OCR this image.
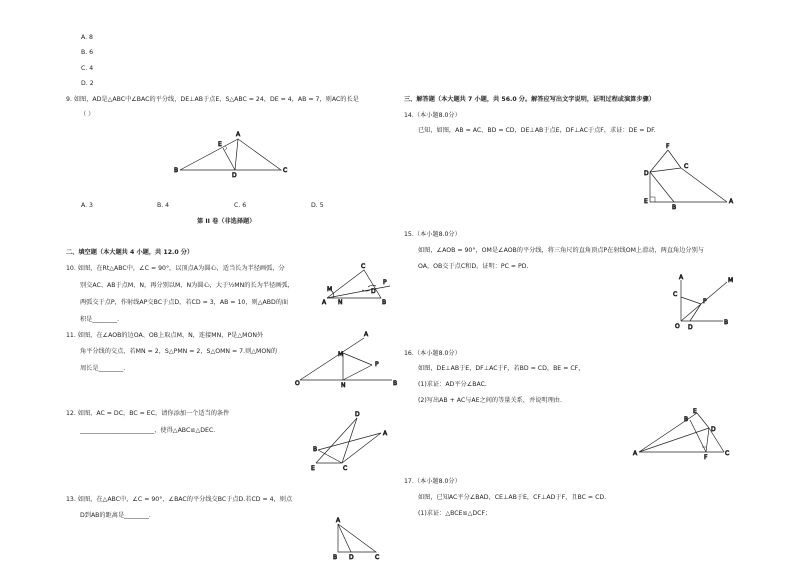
A. 8
B. 6
C. 4
D. 2
9. 如图，AD是△ABC中∠BAC的平分线，DE⊥AB于点E，S△ABC = 24，DE = 4，AB = 7，则AC的长是
（ ）
A. 3	B. 4	C. 6	D. 5
第 II 卷（非选择题）
二、填空题（本大题共 4 小题，共 12.0 分）
10. 如图，在Rt△ABC中，∠C = 90°，以顶点A为圆心，适当长为半径画弧，分
别交AC、AB于点M、N，再分别以M、N为圆心，大于½MN的长为半径画弧，
两弧交于点P，作射线AP交BC于点D，若CD = 3，AB = 10，则△ABD的面
积是________.
11. 如图，在∠AOB的边OA、OB上取点M、N，连接MN，P是△MON外
角平分线的交点，若MN = 2，S△PMN = 2，S△OMN = 7.则△MON的
周长是________.
12. 如图，AC = DC，BC = EC，请你添加一个适当的条件
________________________，使得△ABC≌△DEC.
13. 如图，在△ABC中，∠C = 90°，∠BAC的平分线交BC于点D.若CD = 4，则点
D到AB的距离是________.
三、解答题（本大题共 7 小题，共 56.0 分。解答应写出文字说明，证明过程或演算步骤）
14.（本小题8.0分）
已知，如图，AB = AC，BD = CD，DE⊥AB于点E，DF⊥AC于点F，求证：DE = DF.
15.（本小题8.0分）
如图，∠AOB = 90°，OM是∠AOB的平分线，将三角尺的直角顶点P在射线OM上滑动，两直角边分别与
OA，OB交于点C和D，证明：PC = PD.
16.（本小题8.0分）
如图，DE⊥AB于E，DF⊥AC于F，若BD = CD，BE = CF，
(1)求证：AD平分∠BAC.
(2)写出AB + AC与AE之间的等量关系，并说明理由.
17.（本小题8.0分）
如图，已知AC平分∠BAD，CE⊥AB于E，CF⊥AD于F，且BC = CD.
(1)求证：△BCE≌△DCF；
A
E
B
D
C
C
M
P
D
A N	B
A
M
P
O	N	B
D
A
B
E	C
A
B D	C
F
C
D
E
B
A
A	M
C
P
O D
B
E
B
D
A
F
C
